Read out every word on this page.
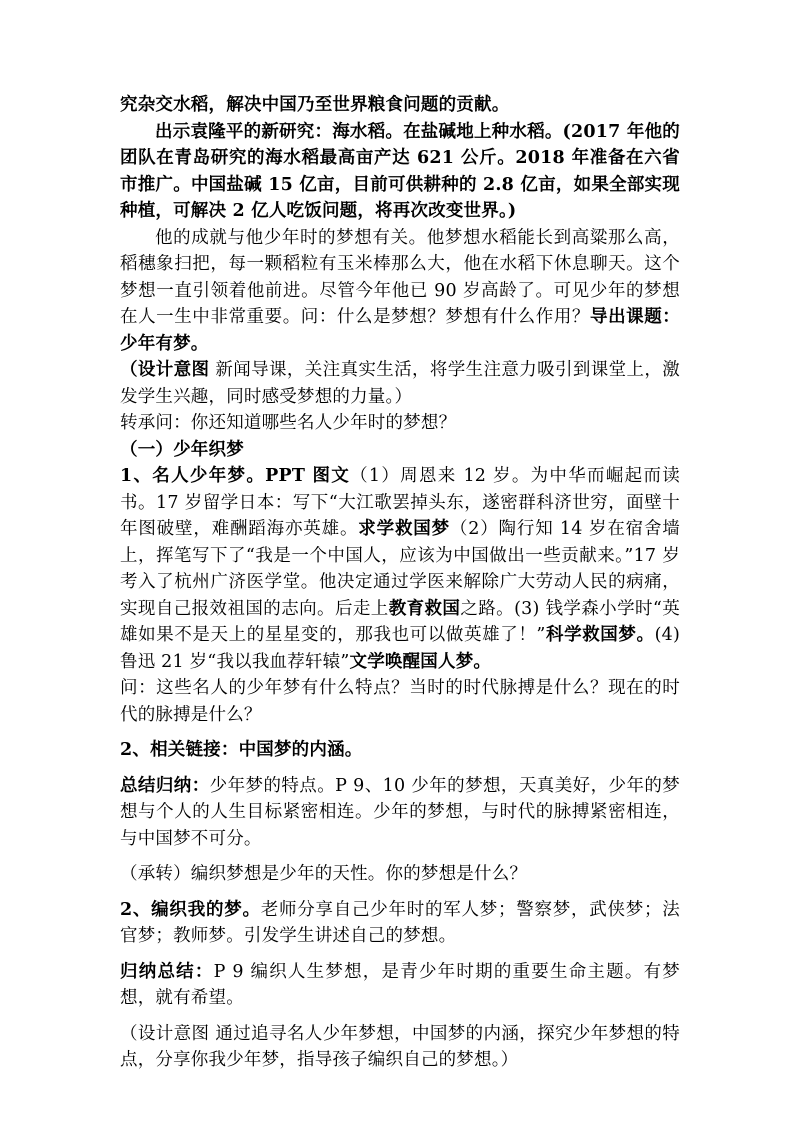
究杂交水稻，解决中国乃至世界粮食问题的贡献。

出示袁隆平的新研究：海水稻。在盐碱地上种水稻。(2017 年他的团队在青岛研究的海水稻最高亩产达 621 公斤。2018 年准备在六省市推广。中国盐碱 15 亿亩，目前可供耕种的 2.8 亿亩，如果全部实现种植，可解决 2 亿人吃饭问题，将再次改变世界。)

他的成就与他少年时的梦想有关。他梦想水稻能长到高粱那么高，稻穗象扫把，每一颗稻粒有玉米棒那么大，他在水稻下休息聊天。这个梦想一直引领着他前进。尽管今年他已 90 岁高龄了。可见少年的梦想在人一生中非常重要。问：什么是梦想？梦想有什么作用？导出课题：少年有梦。

（设计意图 新闻导课，关注真实生活，将学生注意力吸引到课堂上，激发学生兴趣，同时感受梦想的力量。）

转承问：你还知道哪些名人少年时的梦想？

（一）少年织梦

1、名人少年梦。PPT 图文（1）周恩来 12 岁。为中华而崛起而读书。17 岁留学日本：写下“大江歌罢掉头东，遂密群科济世穷，面壁十年图破壁，难酬蹈海亦英雄。求学救国梦（2）陶行知 14 岁在宿舍墙上，挥笔写下了“我是一个中国人，应该为中国做出一些贡献来。”17 岁考入了杭州广济医学堂。他决定通过学医来解除广大劳动人民的病痛，实现自己报效祖国的志向。后走上教育救国之路。(3) 钱学森小学时“英雄如果不是天上的星星变的，那我也可以做英雄了！”科学救国梦。(4) 鲁迅 21 岁“我以我血荐轩辕”文学唤醒国人梦。

问：这些名人的少年梦有什么特点？当时的时代脉搏是什么？现在的时代的脉搏是什么？

2、相关链接：中国梦的内涵。

总结归纳：少年梦的特点。P 9、10 少年的梦想，天真美好，少年的梦想与个人的人生目标紧密相连。少年的梦想，与时代的脉搏紧密相连，与中国梦不可分。

（承转）编织梦想是少年的天性。你的梦想是什么？

2、编织我的梦。老师分享自己少年时的军人梦；警察梦，武侠梦；法官梦；教师梦。引发学生讲述自己的梦想。

归纳总结：P 9 编织人生梦想，是青少年时期的重要生命主题。有梦想，就有希望。

（设计意图 通过追寻名人少年梦想，中国梦的内涵，探究少年梦想的特点，分享你我少年梦，指导孩子编织自己的梦想。）
